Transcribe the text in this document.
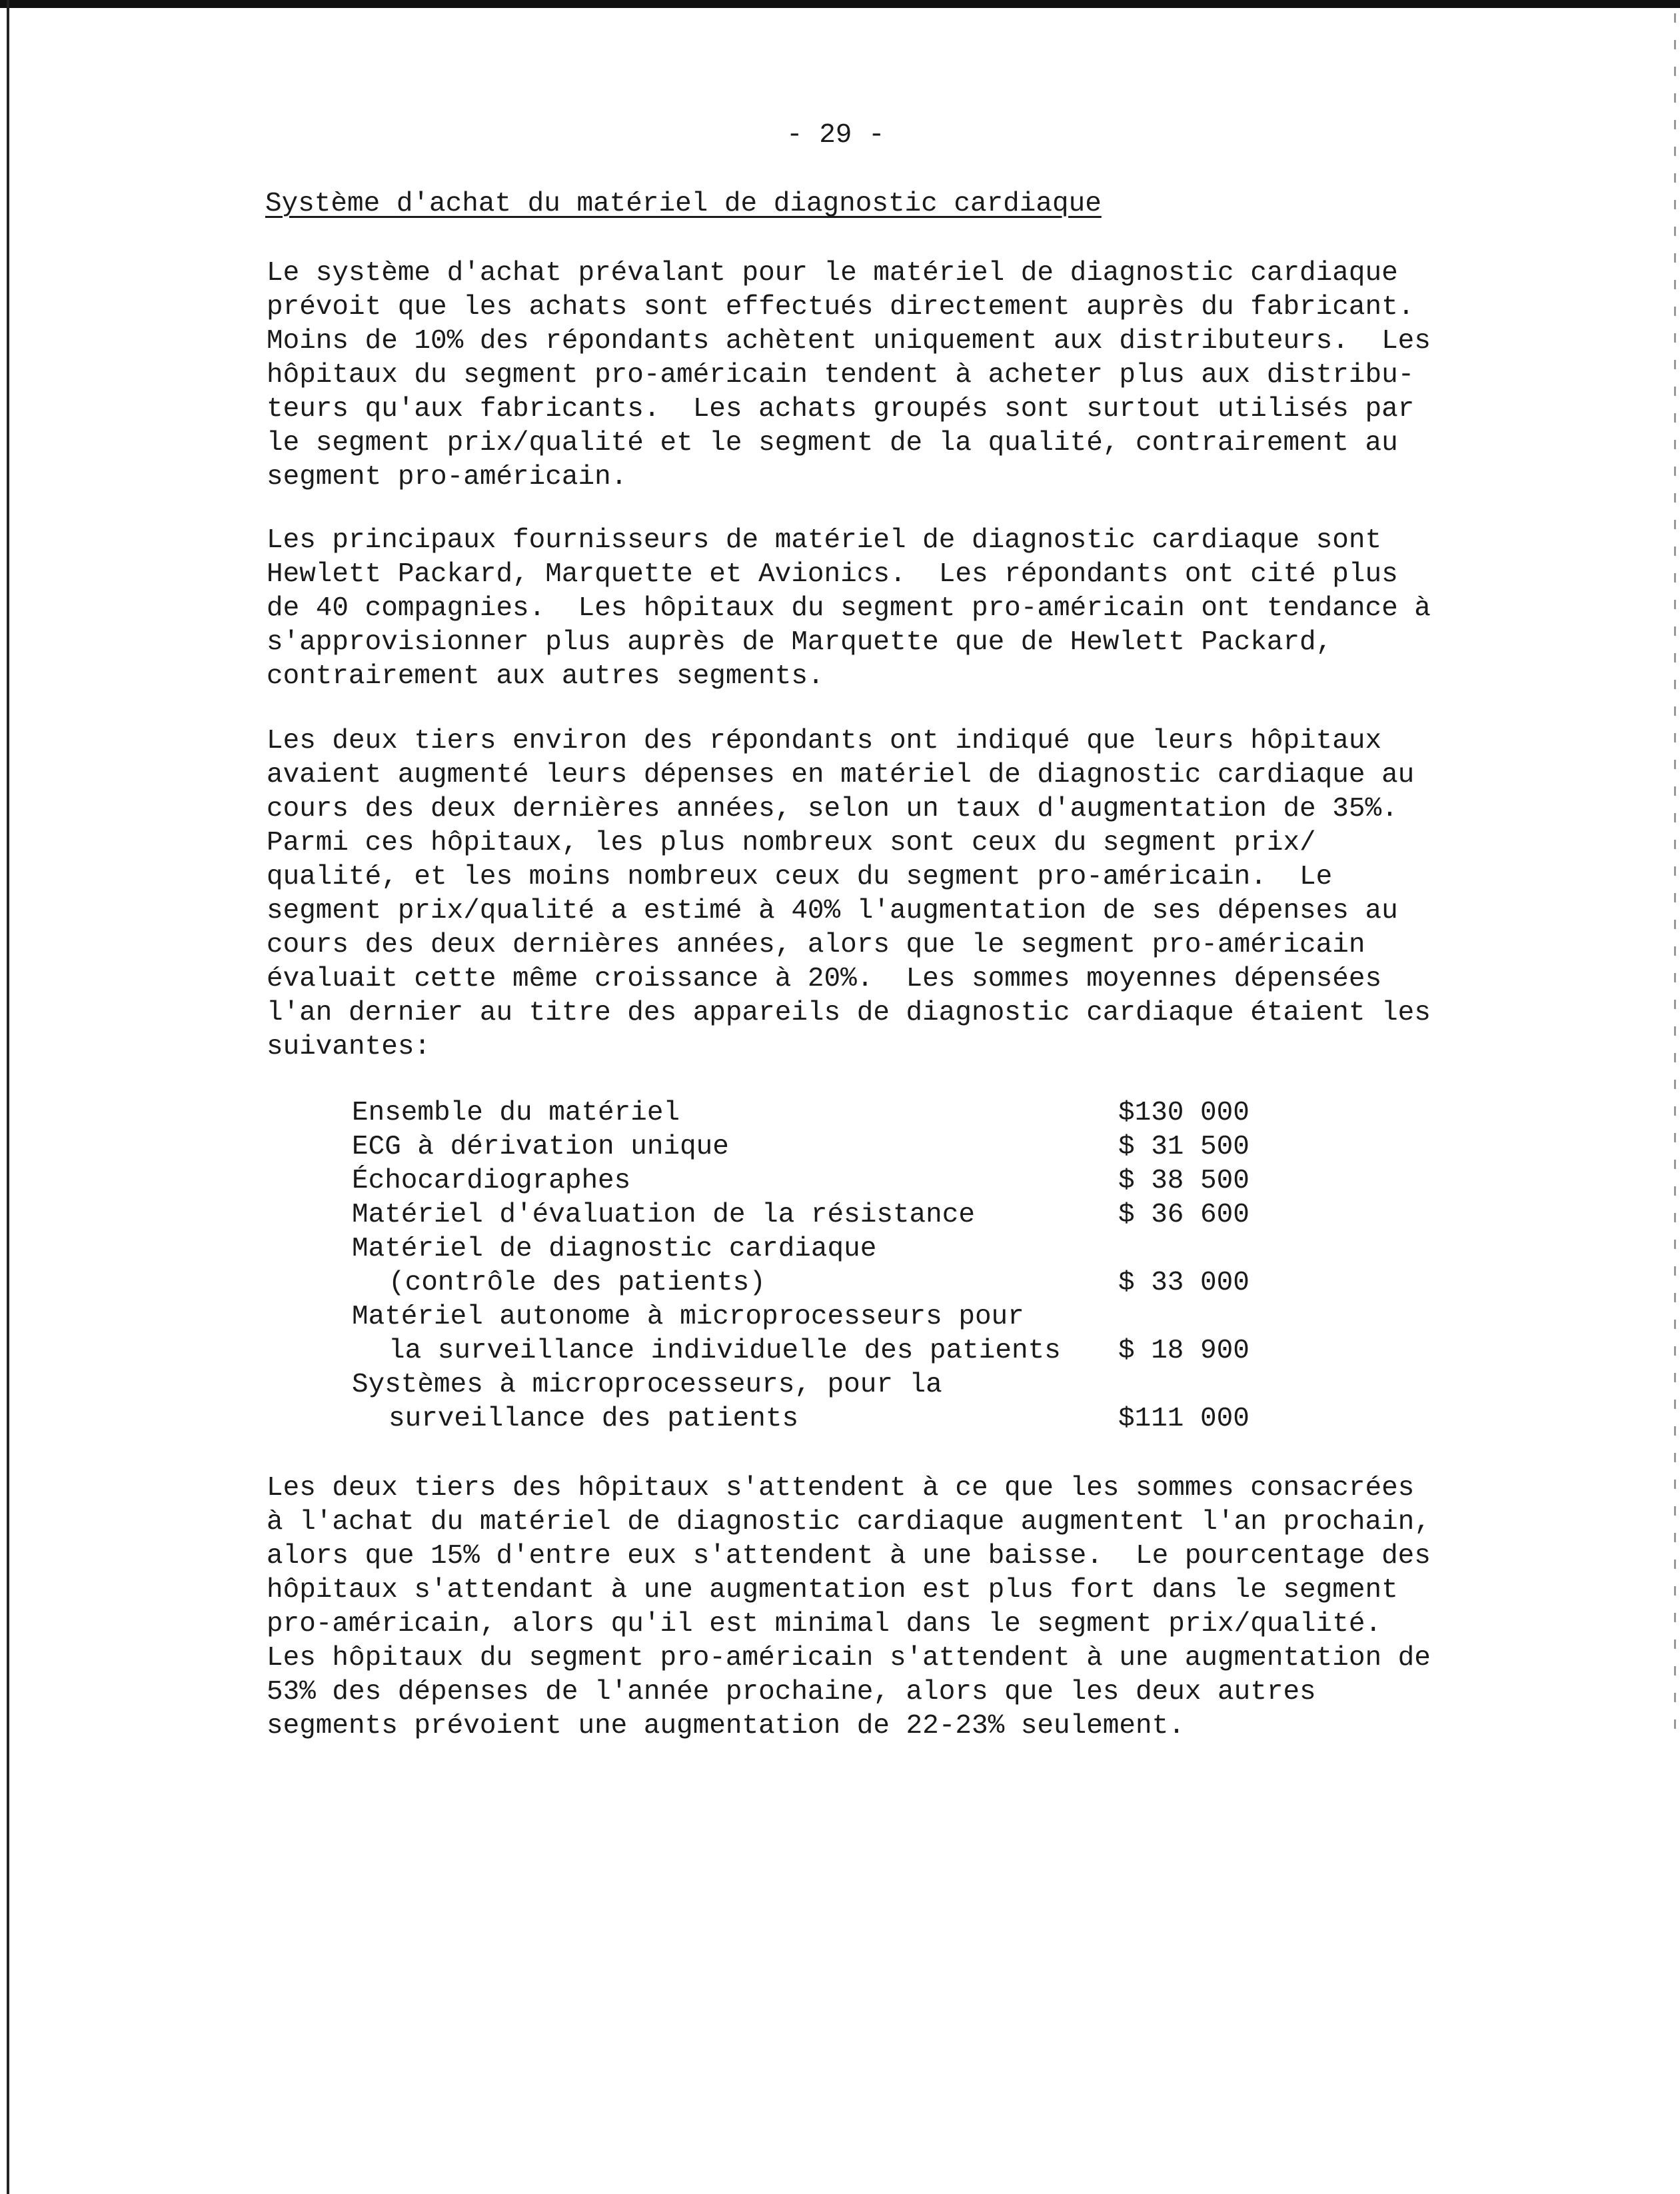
- 29 -
Système d'achat du matériel de diagnostic cardiaque
Le système d'achat prévalant pour le matériel de diagnostic cardiaque
prévoit que les achats sont effectués directement auprès du fabricant.
Moins de 10% des répondants achètent uniquement aux distributeurs.  Les
hôpitaux du segment pro-américain tendent à acheter plus aux distribu-
teurs qu'aux fabricants.  Les achats groupés sont surtout utilisés par
le segment prix/qualité et le segment de la qualité, contrairement au
segment pro-américain.
Les principaux fournisseurs de matériel de diagnostic cardiaque sont
Hewlett Packard, Marquette et Avionics.  Les répondants ont cité plus
de 40 compagnies.  Les hôpitaux du segment pro-américain ont tendance à
s'approvisionner plus auprès de Marquette que de Hewlett Packard,
contrairement aux autres segments.
Les deux tiers environ des répondants ont indiqué que leurs hôpitaux
avaient augmenté leurs dépenses en matériel de diagnostic cardiaque au
cours des deux dernières années, selon un taux d'augmentation de 35%.
Parmi ces hôpitaux, les plus nombreux sont ceux du segment prix/
qualité, et les moins nombreux ceux du segment pro-américain.  Le
segment prix/qualité a estimé à 40% l'augmentation de ses dépenses au
cours des deux dernières années, alors que le segment pro-américain
évaluait cette même croissance à 20%.  Les sommes moyennes dépensées
l'an dernier au titre des appareils de diagnostic cardiaque étaient les
suivantes:
Ensemble du matériel	$130 000
ECG à dérivation unique	$ 31 500
Échocardiographes	$ 38 500
Matériel d'évaluation de la résistance	$ 36 600
Matériel de diagnostic cardiaque
(contrôle des patients)	$ 33 000
Matériel autonome à microprocesseurs pour
la surveillance individuelle des patients	$ 18 900
Systèmes à microprocesseurs, pour la
surveillance des patients	$111 000
Les deux tiers des hôpitaux s'attendent à ce que les sommes consacrées
à l'achat du matériel de diagnostic cardiaque augmentent l'an prochain,
alors que 15% d'entre eux s'attendent à une baisse.  Le pourcentage des
hôpitaux s'attendant à une augmentation est plus fort dans le segment
pro-américain, alors qu'il est minimal dans le segment prix/qualité.
Les hôpitaux du segment pro-américain s'attendent à une augmentation de
53% des dépenses de l'année prochaine, alors que les deux autres
segments prévoient une augmentation de 22-23% seulement.
